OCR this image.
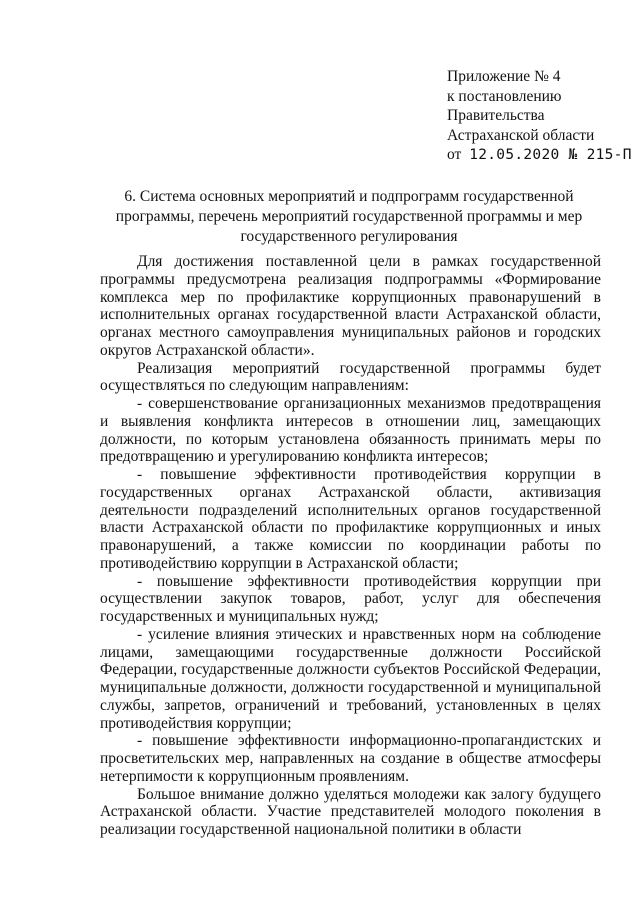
Приложение № 4
к постановлению
Правительства
Астраханской области
от 12.05.2020 № 215-П
6. Система основных мероприятий и подпрограмм государственной
программы, перечень мероприятий государственной программы и мер
государственного регулирования

Для достижения поставленной цели в рамках государственной программы предусмотрена реализация подпрограммы «Формирование комплекса мер по профилактике коррупционных правонарушений в исполнительных органах государственной власти Астраханской области, органах местного самоуправления муниципальных районов и городских округов Астраханской области».

Реализация мероприятий государственной программы будет осуществляться по следующим направлениям:

- совершенствование организационных механизмов предотвращения и выявления конфликта интересов в отношении лиц, замещающих должности, по которым установлена обязанность принимать меры по предотвращению и урегулированию конфликта интересов;

- повышение эффективности противодействия коррупции в государственных органах Астраханской области, активизация деятельности подразделений исполнительных органов государственной власти Астраханской области по профилактике коррупционных и иных правонарушений, а также комиссии по координации работы по противодействию коррупции в Астраханской области;

- повышение эффективности противодействия коррупции при осуществлении закупок товаров, работ, услуг для обеспечения государственных и муниципальных нужд;

- усиление влияния этических и нравственных норм на соблюдение лицами, замещающими государственные должности Российской Федерации, государственные должности субъектов Российской Федерации, муниципальные должности, должности государственной и муниципальной службы, запретов, ограничений и требований, установленных в целях противодействия коррупции;

- повышение эффективности информационно-пропагандистских и просветительских мер, направленных на создание в обществе атмосферы нетерпимости к коррупционным проявлениям.

Большое внимание должно уделяться молодежи как залогу будущего Астраханской области. Участие представителей молодого поколения в реализации государственной национальной политики в области
